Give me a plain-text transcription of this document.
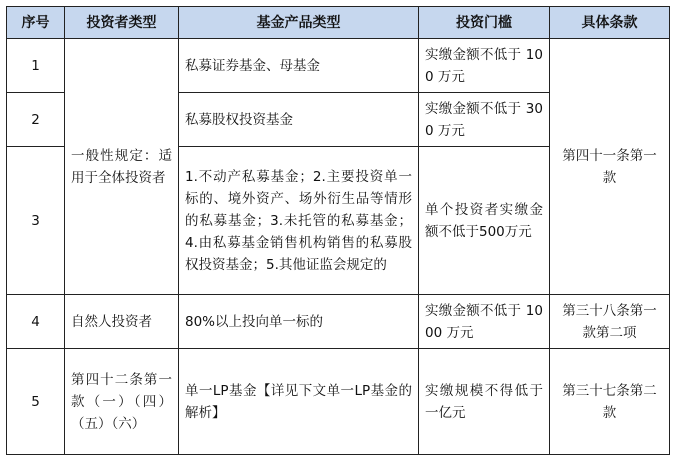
序号	投资者类型	基金产品类型	投资门槛	具体条款
1	一般性规定：适用于全体投资者	私募证券基金、母基金	实缴金额不低于 100 万元	第四十一条第一款
2		私募股权投资基金	实缴金额不低于 300 万元	
3		1.不动产私募基金；2.主要投资单一标的、境外资产、场外衍生品等情形的私募基金；3.未托管的私募基金；4.由私募基金销售机构销售的私募股权投资基金；5.其他证监会规定的	单个投资者实缴金额不低于500万元	
4	自然人投资者	80%以上投向单一标的	实缴金额不低于 1000 万元	第三十八条第一款第二项
5	第四十二条第一款（一）（四）（五）（六）	单一LP基金【详见下文单一LP基金的解析】	实缴规模不得低于一亿元	第三十七条第二款
